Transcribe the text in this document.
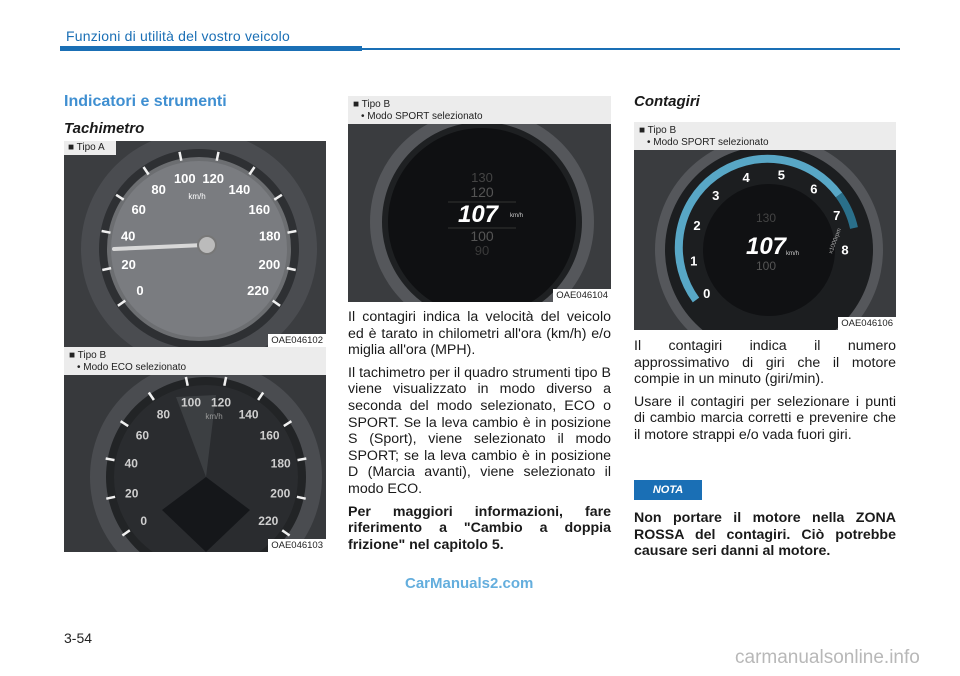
Funzioni di utilità del vostro veicolo
Indicatori e strumenti
Tachimetro
0
20
40
60
80
100 120
140
160
180
200
220
km/h
■ Tipo A
OAE046102
■ Tipo B
• Modo ECO selezionato
0
20
40
60
80
100 120
140
160
180
200
220
km/h
OAE046103
■ Tipo B
• Modo SPORT selezionato
130
120
107 km/h
100
90
OAE046104

Il contagiri indica la velocità del veicolo ed è tarato in chilometri all'ora (km/h) e/o miglia all'ora (MPH).

Il tachimetro per il quadro strumenti tipo B viene visualizzato in modo diverso a seconda del modo selezionato, ECO o SPORT. Se la leva cambio è in posizione S (Sport), viene selezionato il modo SPORT; se la leva cambio è in posizione D (Marcia avanti), viene selezionato il modo ECO.

Per maggiori informazioni, fare riferimento a "Cambio a doppia frizione" nel capitolo 5.

Contagiri
■ Tipo B
• Modo SPORT selezionato
0
1
2
3
4 5
6
7
8
x1000rpm
130
107 km/h
100
OAE046106

Il contagiri indica il numero approssimativo di giri che il motore compie in un minuto (giri/min).

Usare il contagiri per selezionare i punti di cambio marcia corretti e prevenire che il motore strappi e/o vada fuori giri.

NOTA
Non portare il motore nella ZONA ROSSA del contagiri. Ciò potrebbe causare seri danni al motore.
3-54
CarManuals2.com
carmanualsonline.info
